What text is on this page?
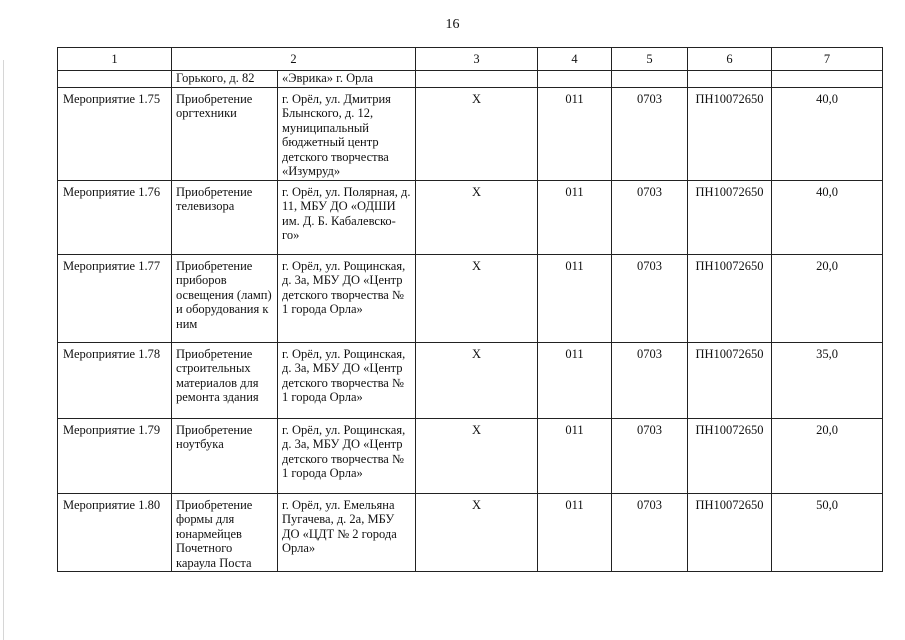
16
1	2		3	4	5	6	7
	Горького, д. 82	«Эврика» г. Орла					
Мероприятие 1.75	Приобретение оргтехники	г. Орёл, ул. Дмитрия Блынского, д. 12, муниципальный бюджетный центр детского творчества «Изумруд»	Х	011	0703	ПН10072650	40,0
Мероприятие 1.76	Приобретение телевизора	г. Орёл, ул. Полярная, д. 11, МБУ ДО «ОДШИ им. Д. Б. Кабалевско-го»	Х	011	0703	ПН10072650	40,0
Мероприятие 1.77	Приобретение приборов освещения (ламп) и оборудования к ним	г. Орёл, ул. Рощинская, д. 3а, МБУ ДО «Центр детского творчества № 1 города Орла»	Х	011	0703	ПН10072650	20,0
Мероприятие 1.78	Приобретение строительных материалов для ремонта здания	г. Орёл, ул. Рощинская, д. 3а, МБУ ДО «Центр детского творчества № 1 города Орла»	Х	011	0703	ПН10072650	35,0
Мероприятие 1.79	Приобретение ноутбука	г. Орёл, ул. Рощинская, д. 3а, МБУ ДО «Центр детского творчества № 1 города Орла»	Х	011	0703	ПН10072650	20,0
Мероприятие 1.80	Приобретение формы для юнармейцев Почетного караула Поста	г. Орёл, ул. Емельяна Пугачева, д. 2а, МБУ ДО «ЦДТ № 2 города Орла»	Х	011	0703	ПН10072650	50,0
